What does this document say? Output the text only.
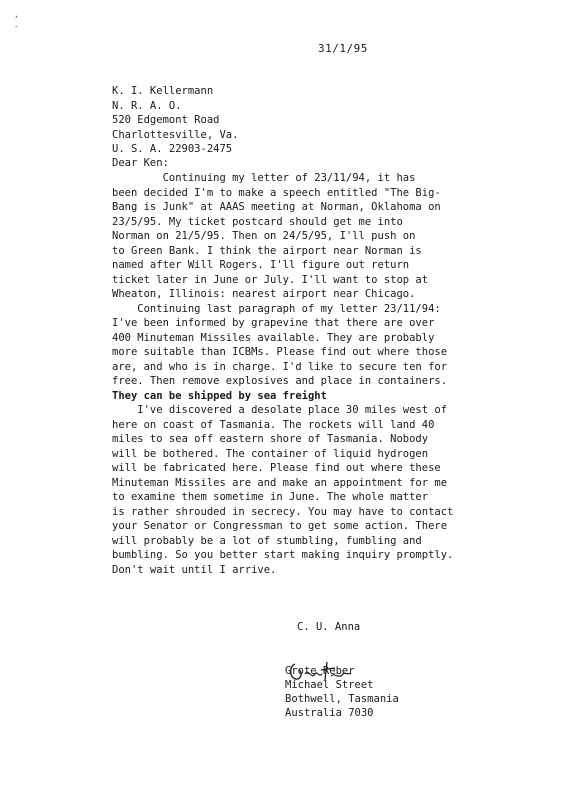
,
-
31/1/95
K. I. Kellermann
N. R. A. O.
520 Edgemont Road
Charlottesville, Va.
U. S. A. 22903-2475
Dear Ken:
Continuing my letter of 23/11/94, it has
been decided I'm to make a speech entitled "The Big-
Bang is Junk" at AAAS meeting at Norman, Oklahoma on
23/5/95. My ticket postcard should get me into
Norman on 21/5/95. Then on 24/5/95, I'll push on
to Green Bank. I think the airport near Norman is
named after Will Rogers. I'll figure out return
ticket later in June or July. I'll want to stop at
Wheaton, Illinois: nearest airport near Chicago.
Continuing last paragraph of my letter 23/11/94:
I've been informed by grapevine that there are over
400 Minuteman Missiles available. They are probably
more suitable than ICBMs. Please find out where those
are, and who is in charge. I'd like to secure ten for
free. Then remove explosives and place in containers.
They can be shipped by sea freight
I've discovered a desolate place 30 miles west of
here on coast of Tasmania. The rockets will land 40
miles to sea off eastern shore of Tasmania. Nobody
will be bothered. The container of liquid hydrogen
will be fabricated here. Please find out where these
Minuteman Missiles are and make an appointment for me
to examine them sometime in June. The whole matter
is rather shrouded in secrecy. You may have to contact
your Senator or Congressman to get some action. There
will probably be a lot of stumbling, fumbling and
bumbling. So you better start making inquiry promptly.
Don't wait until I arrive.
C. U. Anna
Grote Reber
Michael Street
Bothwell, Tasmania
Australia 7030
